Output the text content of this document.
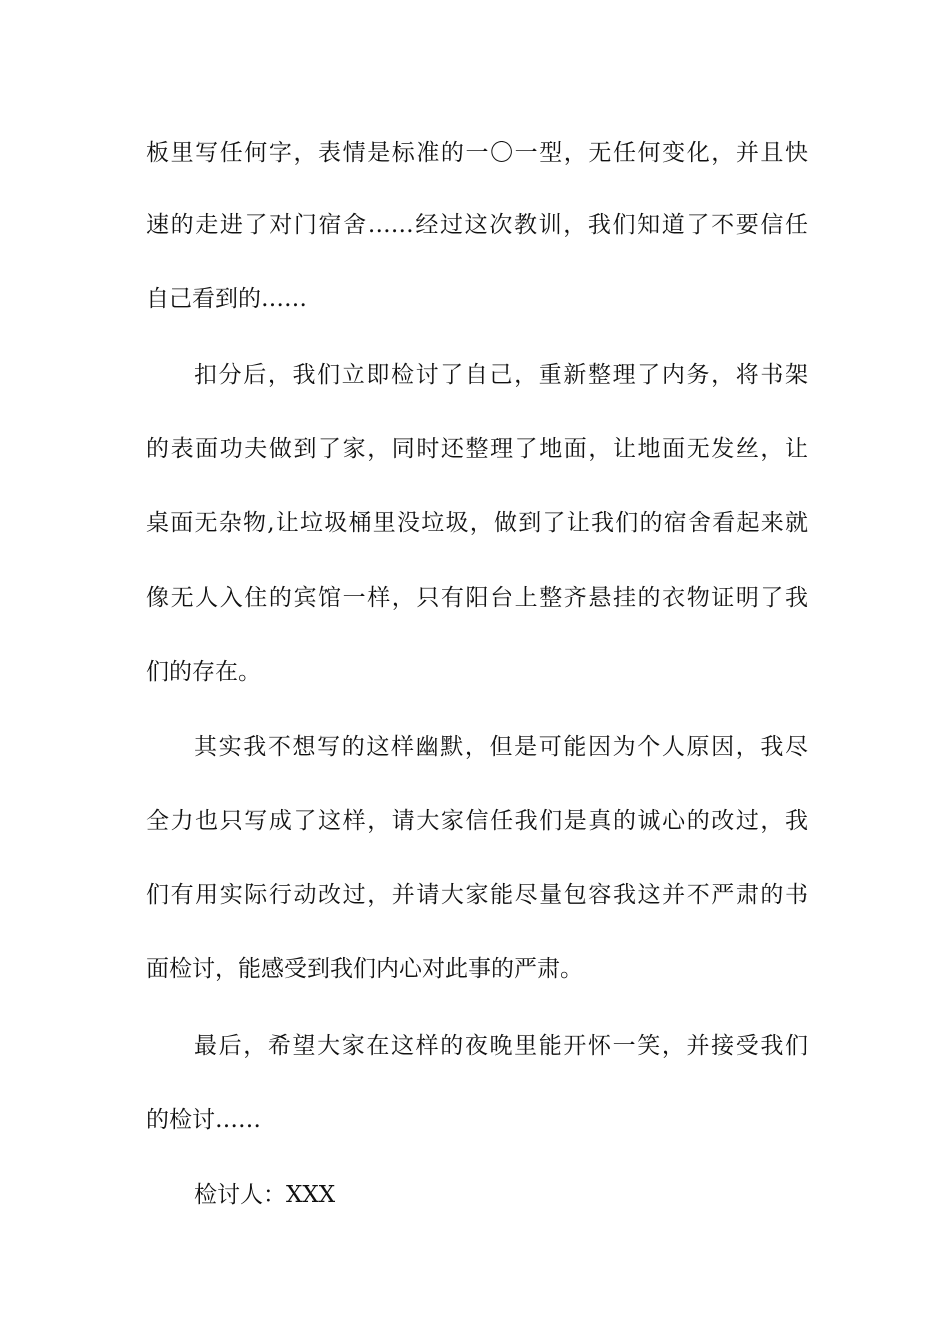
板里写任何字，表情是标准的一〇一型，无任何变化，并且快

速的走进了对门宿舍……经过这次教训，我们知道了不要信任

自己看到的……

扣分后，我们立即检讨了自己，重新整理了内务，将书架

的表面功夫做到了家，同时还整理了地面，让地面无发丝，让

桌面无杂物,让垃圾桶里没垃圾，做到了让我们的宿舍看起来就

像无人入住的宾馆一样，只有阳台上整齐悬挂的衣物证明了我

们的存在。

其实我不想写的这样幽默，但是可能因为个人原因，我尽

全力也只写成了这样，请大家信任我们是真的诚心的改过，我

们有用实际行动改过，并请大家能尽量包容我这并不严肃的书

面检讨，能感受到我们内心对此事的严肃。

最后，希望大家在这样的夜晚里能开怀一笑，并接受我们

的检讨……

检讨人：XXX
